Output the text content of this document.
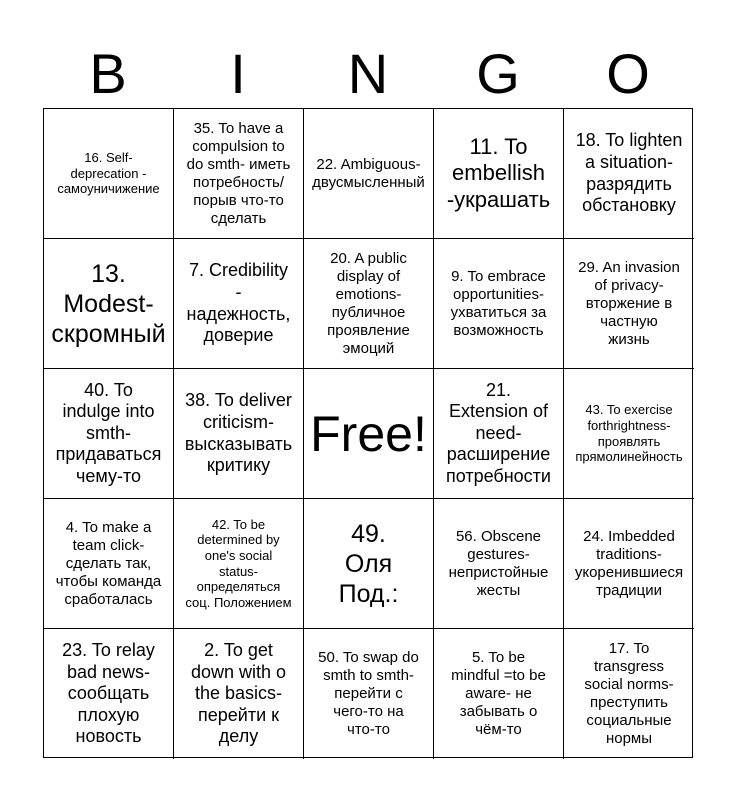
B	I	N	G	O
16. Self-
deprecation -
самоуничижение
35. To have a
compulsion to
do smth- иметь
потребность/
порыв что-то
сделать
22. Ambiguous-
двусмысленный
11. To
embellish
-украшать
18. To lighten
a situation-
разрядить
обстановку
13.
Modest-
скромный
7. Credibility
-
надежность,
доверие
20. A public
display of
emotions-
публичное
проявление
эмоций
9. To embrace
opportunities-
ухватиться за
возможность
29. An invasion
of privacy-
вторжение в
частную
жизнь
40. To
indulge into
smth-
придаваться
чему-то
38. To deliver
criticism-
высказывать
критику
Free!
21.
Extension of
need-
расширение
потребности
43. To exercise
forthrightness-
проявлять
прямолинейность
4. To make a
team click-
сделать так,
чтобы команда
сработалась
42. To be
determined by
one's social
status-
определяться
соц. Положением
49.
Оля
Под.:
56. Obscene
gestures-
непристойные
жесты
24. Imbedded
traditions-
укоренившиеся
традиции
23. To relay
bad news-
сообщать
плохую
новость
2. To get
down with o
the basics-
перейти к
делу
50. To swap do
smth to smth-
перейти с
чего-то на
что-то
5. To be
mindful =to be
aware- не
забывать о
чём-то
17. To
transgress
social norms-
преступить
социальные
нормы
